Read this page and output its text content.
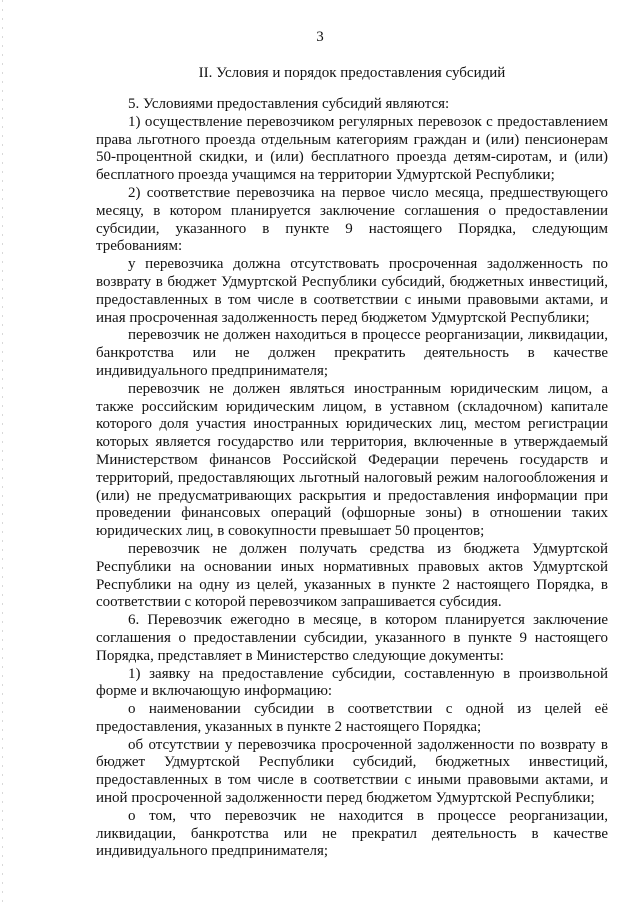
3
II. Условия и порядок предоставления субсидий

5. Условиями предоставления субсидий являются:

1) осуществление перевозчиком регулярных перевозок с предоставлением права льготного проезда отдельным категориям граждан и (или) пенсионерам 50-процентной скидки, и (или) бесплатного проезда детям-сиротам, и (или) бесплатного проезда учащимся на территории Удмуртской Республики;

2) соответствие перевозчика на первое число месяца, предшествующего месяцу, в котором планируется заключение соглашения о предоставлении субсидии, указанного в пункте 9 настоящего Порядка, следующим требованиям:

у перевозчика должна отсутствовать просроченная задолженность по возврату в бюджет Удмуртской Республики субсидий, бюджетных инвестиций, предоставленных в том числе в соответствии с иными правовыми актами, и иная просроченная задолженность перед бюджетом Удмуртской Республики;

перевозчик не должен находиться в процессе реорганизации, ликвидации, банкротства или не должен прекратить деятельность в качестве индивидуального предпринимателя;

перевозчик не должен являться иностранным юридическим лицом, а также российским юридическим лицом, в уставном (складочном) капитале которого доля участия иностранных юридических лиц, местом регистрации которых является государство или территория, включенные в утверждаемый Министерством финансов Российской Федерации перечень государств и территорий, предоставляющих льготный налоговый режим налогообложения и (или) не предусматривающих раскрытия и предоставления информации при проведении финансовых операций (офшорные зоны) в отношении таких юридических лиц, в совокупности превышает 50 процентов;

перевозчик не должен получать средства из бюджета Удмуртской Республики на основании иных нормативных правовых актов Удмуртской Республики на одну из целей, указанных в пункте 2 настоящего Порядка, в соответствии с которой перевозчиком запрашивается субсидия.

6. Перевозчик ежегодно в месяце, в котором планируется заключение соглашения о предоставлении субсидии, указанного в пункте 9 настоящего Порядка, представляет в Министерство следующие документы:

1) заявку на предоставление субсидии, составленную в произвольной форме и включающую информацию:

о наименовании субсидии в соответствии с одной из целей её предоставления, указанных в пункте 2 настоящего Порядка;

об отсутствии у перевозчика просроченной задолженности по возврату в бюджет Удмуртской Республики субсидий, бюджетных инвестиций, предоставленных в том числе в соответствии с иными правовыми актами, и иной просроченной задолженности перед бюджетом Удмуртской Республики;

о том, что перевозчик не находится в процессе реорганизации, ликвидации, банкротства или не прекратил деятельность в качестве индивидуального предпринимателя;
